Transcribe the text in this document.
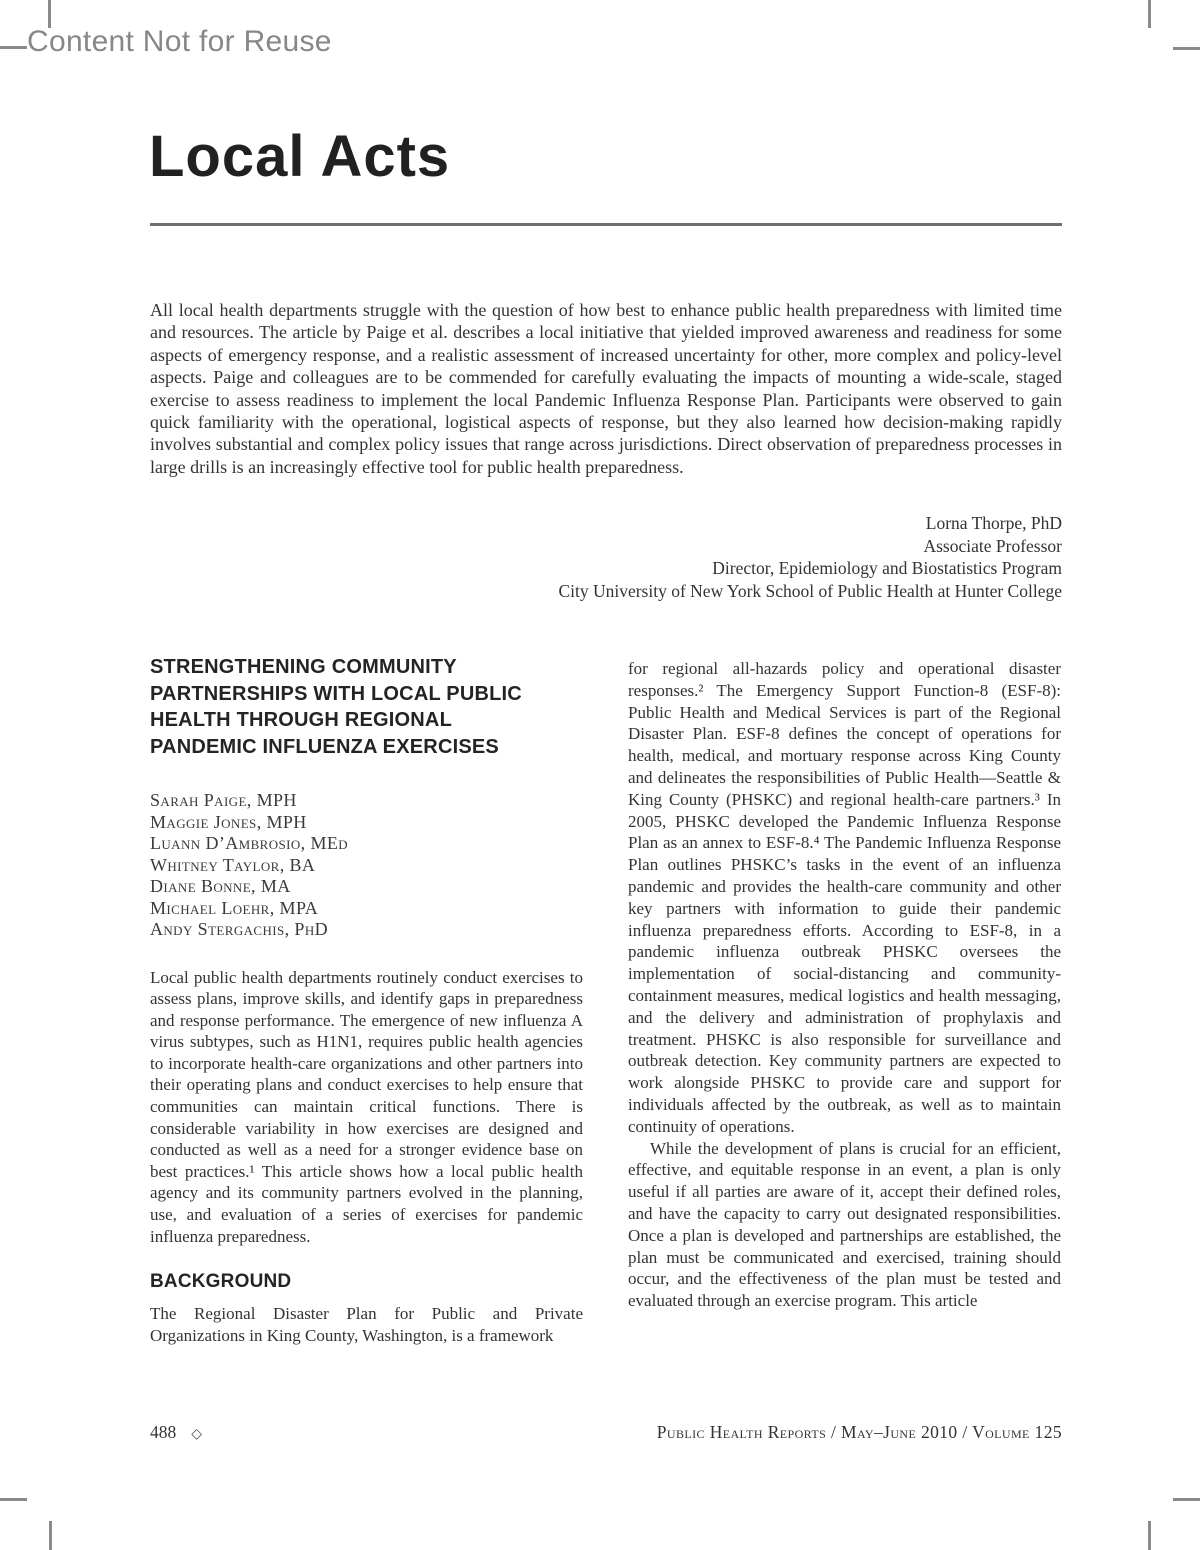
Content Not for Reuse
Local Acts
All local health departments struggle with the question of how best to enhance public health preparedness with limited time and resources. The article by Paige et al. describes a local initiative that yielded improved awareness and readiness for some aspects of emergency response, and a realistic assessment of increased uncertainty for other, more complex and policy-level aspects. Paige and colleagues are to be commended for carefully evaluating the impacts of mounting a wide-scale, staged exercise to assess readiness to implement the local Pandemic Influenza Response Plan. Participants were observed to gain quick familiarity with the operational, logistical aspects of response, but they also learned how decision-making rapidly involves substantial and complex policy issues that range across jurisdictions. Direct observation of preparedness processes in large drills is an increasingly effective tool for public health preparedness.
Lorna Thorpe, PhD
Associate Professor
Director, Epidemiology and Biostatistics Program
City University of New York School of Public Health at Hunter College
STRENGTHENING COMMUNITY
PARTNERSHIPS WITH LOCAL PUBLIC
HEALTH THROUGH REGIONAL
PANDEMIC INFLUENZA EXERCISES
Sarah Paige, MPH
Maggie Jones, MPH
Luann D’Ambrosio, MEd
Whitney Taylor, BA
Diane Bonne, MA
Michael Loehr, MPA
Andy Stergachis, PhD
Local public health departments routinely conduct exercises to assess plans, improve skills, and identify gaps in preparedness and response performance. The emergence of new influenza A virus subtypes, such as H1N1, requires public health agencies to incorporate health-care organizations and other partners into their operating plans and conduct exercises to help ensure that communities can maintain critical functions. There is considerable variability in how exercises are designed and conducted as well as a need for a stronger evidence base on best practices.¹ This article shows how a local public health agency and its community partners evolved in the planning, use, and evaluation of a series of exercises for pandemic influenza preparedness.
BACKGROUND
The Regional Disaster Plan for Public and Private Organizations in King County, Washington, is a framework

for regional all-hazards policy and operational disaster responses.² The Emergency Support Function-8 (ESF-8): Public Health and Medical Services is part of the Regional Disaster Plan. ESF-8 defines the concept of operations for health, medical, and mortuary response across King County and delineates the responsibilities of Public Health—Seattle & King County (PHSKC) and regional health-care partners.³ In 2005, PHSKC developed the Pandemic Influenza Response Plan as an annex to ESF-8.⁴ The Pandemic Influenza Response Plan outlines PHSKC’s tasks in the event of an influenza pandemic and provides the health-care community and other key partners with information to guide their pandemic influenza preparedness efforts. According to ESF-8, in a pandemic influenza outbreak PHSKC oversees the implementation of social-distancing and community-containment measures, medical logistics and health messaging, and the delivery and administration of prophylaxis and treatment. PHSKC is also responsible for surveillance and outbreak detection. Key community partners are expected to work alongside PHSKC to provide care and support for individuals affected by the outbreak, as well as to maintain continuity of operations.

While the development of plans is crucial for an efficient, effective, and equitable response in an event, a plan is only useful if all parties are aware of it, accept their defined roles, and have the capacity to carry out designated responsibilities. Once a plan is developed and partnerships are established, the plan must be communicated and exercised, training should occur, and the effectiveness of the plan must be tested and evaluated through an exercise program. This article

488 ◇	Public Health Reports / May–June 2010 / Volume 125
